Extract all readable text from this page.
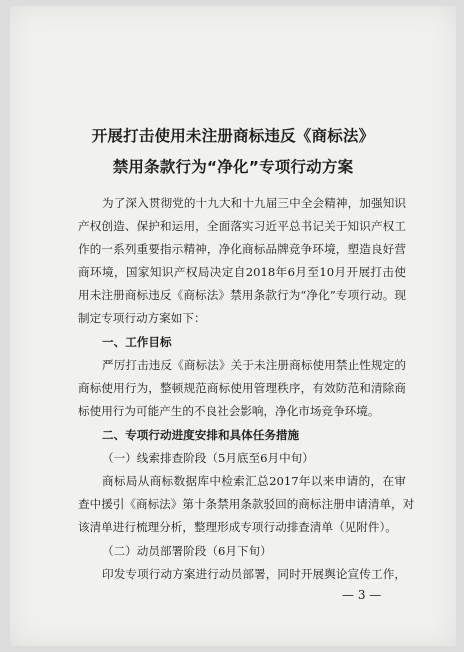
开展打击使用未注册商标违反《商标法》
禁用条款行为“净化”专项行动方案
为了深入贯彻党的十九大和十九届三中全会精神，加强知识
产权创造、保护和运用，全面落实习近平总书记关于知识产权工
作的一系列重要指示精神，净化商标品牌竞争环境，塑造良好营
商环境，国家知识产权局决定自2018年6月至10月开展打击使
用未注册商标违反《商标法》禁用条款行为“净化”专项行动。现
制定专项行动方案如下：
一、工作目标
严厉打击违反《商标法》关于未注册商标使用禁止性规定的
商标使用行为，整顿规范商标使用管理秩序，有效防范和清除商
标使用行为可能产生的不良社会影响，净化市场竞争环境。
二、专项行动进度安排和具体任务措施
（一）线索排查阶段（5月底至6月中旬）
商标局从商标数据库中检索汇总2017年以来申请的，在审
查中援引《商标法》第十条禁用条款驳回的商标注册申请清单，对
该清单进行梳理分析，整理形成专项行动排查清单（见附件）。
（二）动员部署阶段（6月下旬）
印发专项行动方案进行动员部署，同时开展舆论宣传工作，
— 3 —
